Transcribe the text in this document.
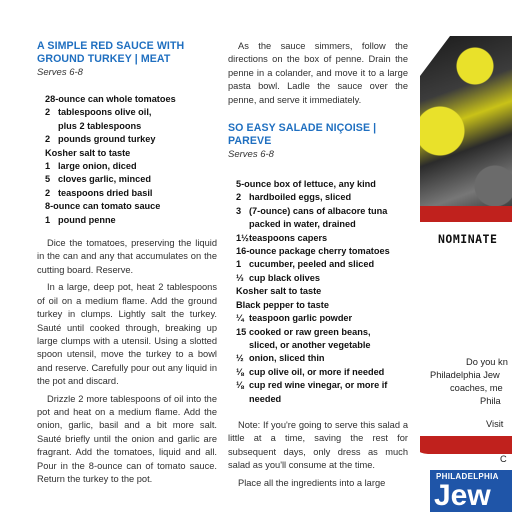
A SIMPLE RED SAUCE WITH GROUND TURKEY | MEAT
Serves 6-8
28-ounce can whole tomatoes
2 tablespoons olive oil,
plus 2 tablespoons
2 pounds ground turkey
Kosher salt to taste
1 large onion, diced
5 cloves garlic, minced
2 teaspoons dried basil
8-ounce can tomato sauce
1 pound penne

Dice the tomatoes, preserving the liquid in the can and any that accumulates on the cutting board. Reserve.

In a large, deep pot, heat 2 tablespoons of oil on a medium flame. Add the ground turkey in clumps. Lightly salt the turkey. Sauté until cooked through, breaking up large clumps with a utensil. Using a slotted spoon utensil, move the turkey to a bowl and reserve. Carefully pour out any liquid in the pot and discard.

Drizzle 2 more tablespoons of oil into the pot and heat on a medium flame. Add the onion, garlic, basil and a bit more salt. Sauté briefly until the onion and garlic are fragrant. Add the tomatoes, liquid and all. Pour in the 8-ounce can of tomato sauce. Return the turkey to the pot.

As the sauce simmers, follow the directions on the box of penne. Drain the penne in a colander, and move it to a large pasta bowl. Ladle the sauce over the penne, and serve it immediately.

SO EASY SALADE NIÇOISE | PAREVE
Serves 6-8
5-ounce box of lettuce, any kind
2 hardboiled eggs, sliced
3 (7-ounce) cans of albacore tuna
packed in water, drained
1½ teaspoons capers
16-ounce package cherry tomatoes
1 cucumber, peeled and sliced
⅓ cup black olives
Kosher salt to taste
Black pepper to taste
¼ teaspoon garlic powder
15 cooked or raw green beans,
sliced, or another vegetable
½ onion, sliced thin
⅛ cup olive oil, or more if needed
⅛ cup red wine vinegar, or more if
needed

Note: If you're going to serve this salad a little at a time, saving the rest for subsequent days, only dress as much salad as you'll consume at the time.

Place all the ingredients into a large

NOMINATE
Do you kn
Philadelphia Jew
coaches, me
Phila
Visit
C
PHILADELPHIA
Jew
